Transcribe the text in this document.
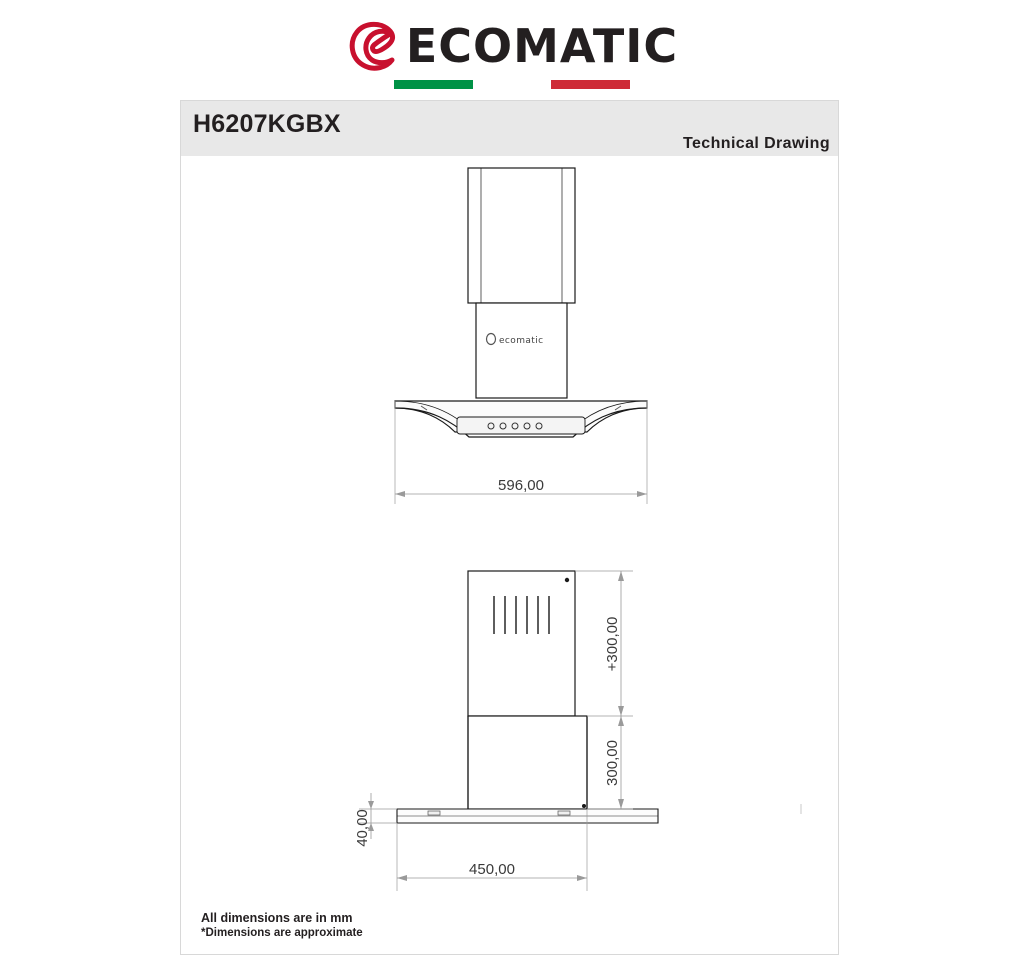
ECOMATIC
H6207KGBX
Technical Drawing
ecomatic
596,00
+300,00
300,00
40,00
450,00
All dimensions are in mm
*Dimensions are approximate
